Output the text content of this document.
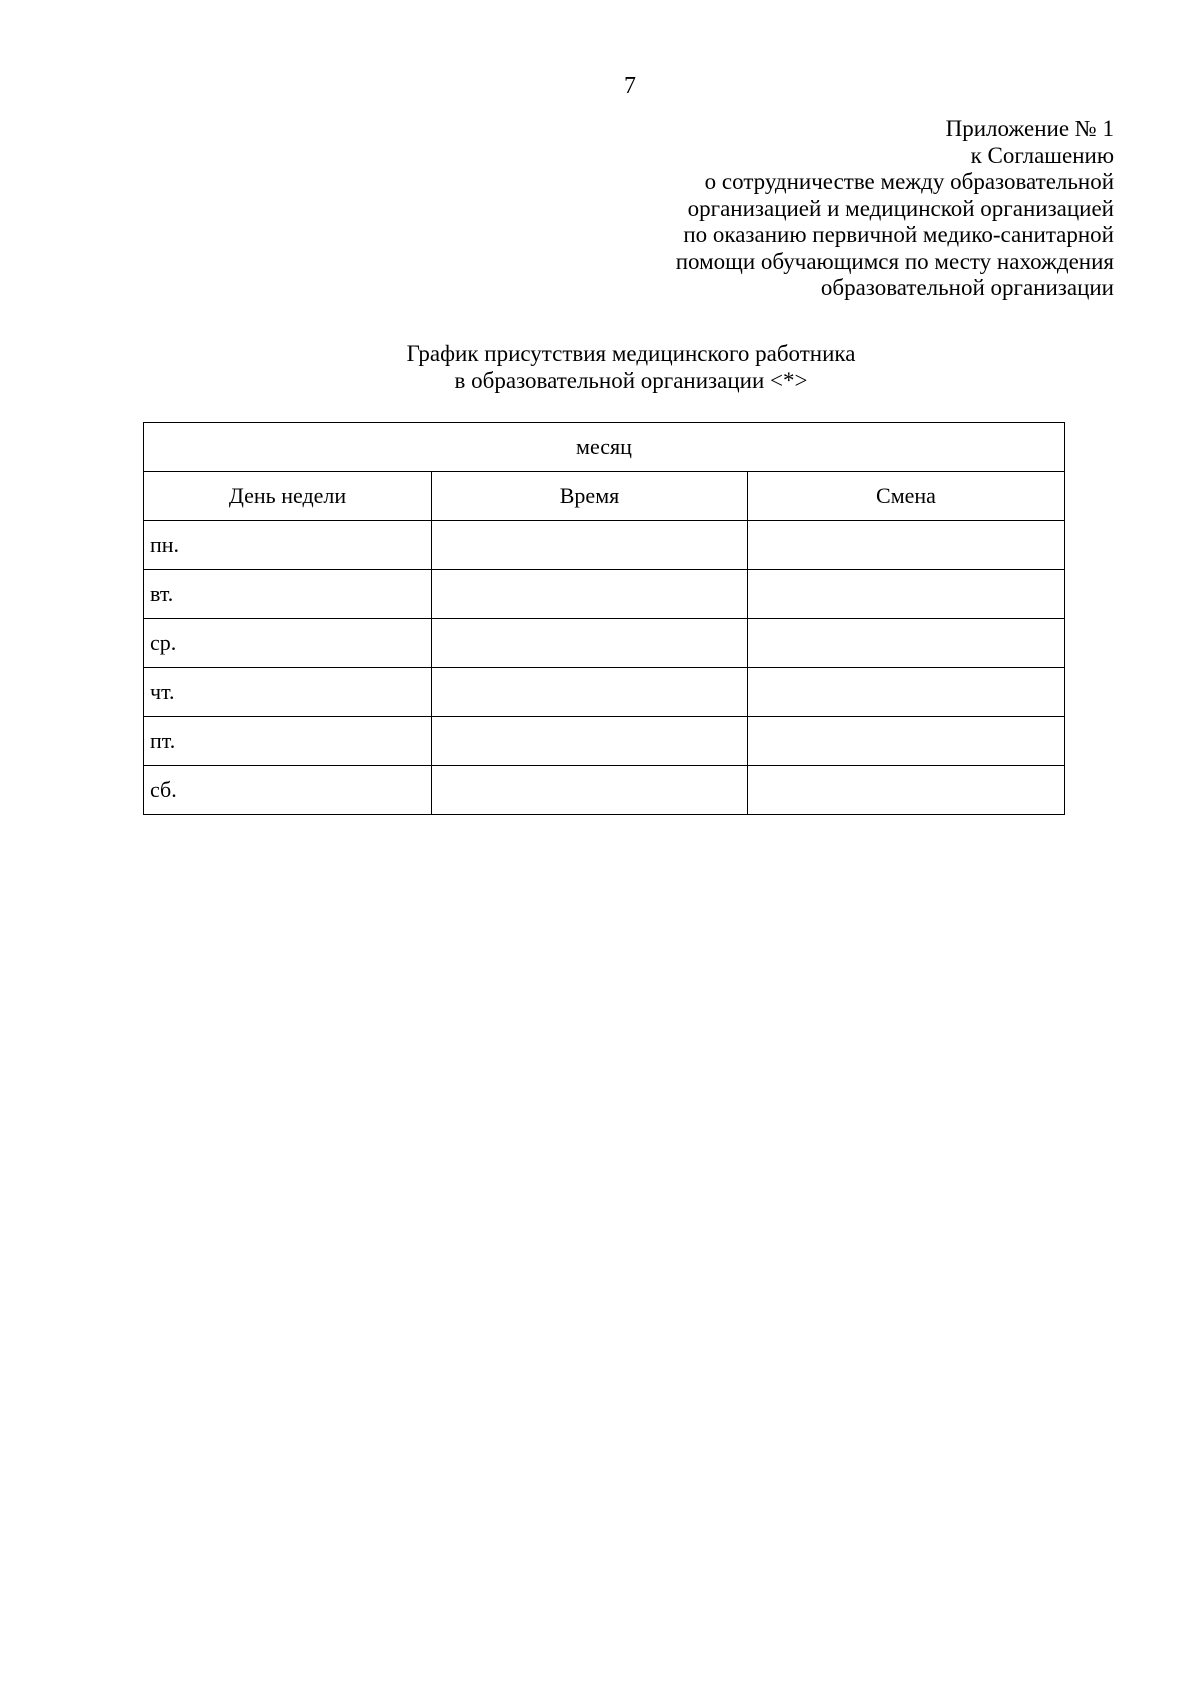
7
Приложение № 1
к Соглашению
о сотрудничестве между образовательной
организацией и медицинской организацией
по оказанию первичной медико-санитарной
помощи обучающимся по месту нахождения
образовательной организации
График присутствия медицинского работника
в образовательной организации <*>
месяц		
День недели	Время	Смена
пн.		
вт.		
ср.		
чт.		
пт.		
сб.		
